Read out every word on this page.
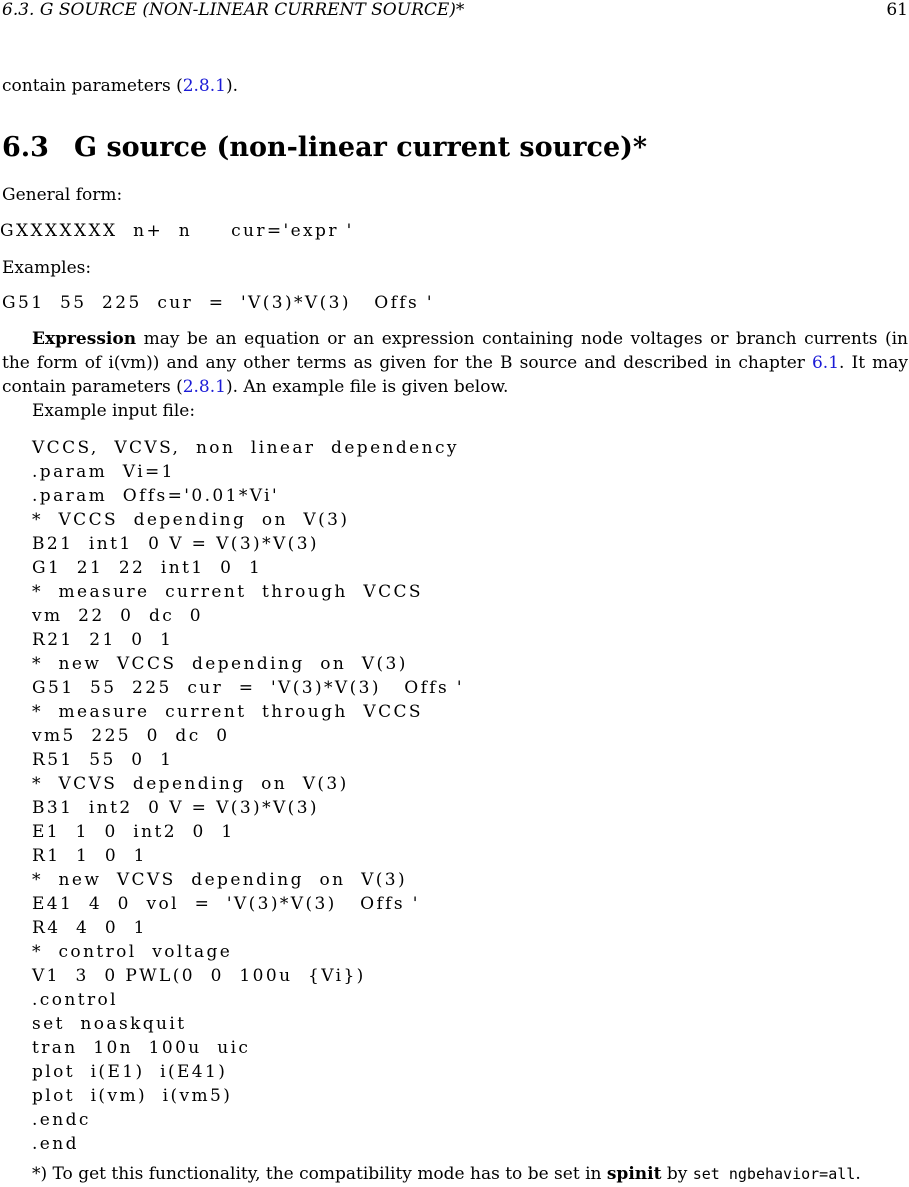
6.3. G SOURCE (NON-LINEAR CURRENT SOURCE)*	61
contain parameters (2.8.1).
6.3 G source (non-linear current source)*
General form:
GXXXXXXX  n+  n     cur='expr '
Examples:
G51  55  225  cur  =  'V(3)*V(3)   Offs '
Expression may be an equation or an expression containing node voltages or branch currents (in
the form of i(vm)) and any other terms as given for the B source and described in chapter 6.1. It may
contain parameters (2.8.1). An example file is given below.
Example input file:
VCCS,  VCVS,  non  linear  dependency
.param  Vi=1
.param  Offs='0.01*Vi'
*  VCCS  depending  on  V(3)
B21  int1  0 V = V(3)*V(3)
G1  21  22  int1  0  1
*  measure  current  through  VCCS
vm  22  0  dc  0
R21  21  0  1
*  new  VCCS  depending  on  V(3)
G51  55  225  cur  =  'V(3)*V(3)   Offs '
*  measure  current  through  VCCS
vm5  225  0  dc  0
R51  55  0  1
*  VCVS  depending  on  V(3)
B31  int2  0 V = V(3)*V(3)
E1  1  0  int2  0  1
R1  1  0  1
*  new  VCVS  depending  on  V(3)
E41  4  0  vol  =  'V(3)*V(3)   Offs '
R4  4  0  1
*  control  voltage
V1  3  0 PWL(0  0  100u  {Vi})
.control
set  noaskquit
tran  10n  100u  uic
plot  i(E1)  i(E41)
plot  i(vm)  i(vm5)
.endc
.end
*) To get this functionality, the compatibility mode has to be set in spinit by set ngbehavior=all.
